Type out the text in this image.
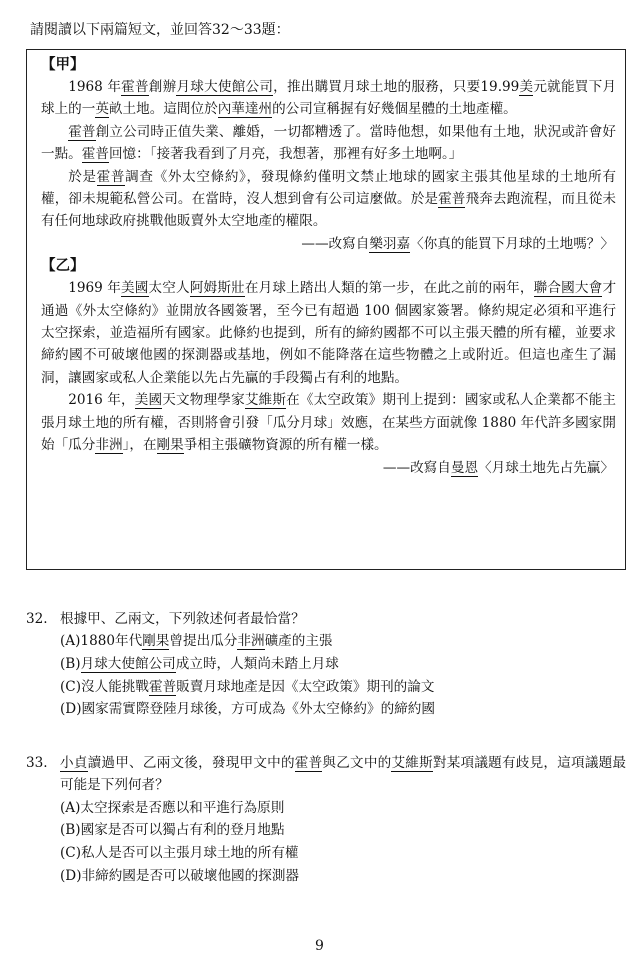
請閱讀以下兩篇短文，並回答32～33題：

【甲】

1968 年霍普創辦月球大使館公司，推出購買月球土地的服務，只要19.99美元就能買下月球上的一英畝土地。這間位於內華達州的公司宣稱握有好幾個星體的土地產權。

霍普創立公司時正值失業、離婚，一切都糟透了。當時他想，如果他有土地，狀況或許會好一點。霍普回憶：「接著我看到了月亮，我想著，那裡有好多土地啊。」

於是霍普調查《外太空條約》，發現條約僅明文禁止地球的國家主張其他星球的土地所有權，卻未規範私營公司。在當時，沒人想到會有公司這麼做。於是霍普飛奔去跑流程，而且從未有任何地球政府挑戰他販賣外太空地產的權限。

——改寫自樂羽嘉〈你真的能買下月球的土地嗎？〉

【乙】

1969 年美國太空人阿姆斯壯在月球上踏出人類的第一步，在此之前的兩年，聯合國大會才通過《外太空條約》並開放各國簽署，至今已有超過 100 個國家簽署。條約規定必須和平進行太空探索，並造福所有國家。此條約也提到，所有的締約國都不可以主張天體的所有權，並要求締約國不可破壞他國的探測器或基地，例如不能降落在這些物體之上或附近。但這也產生了漏洞，讓國家或私人企業能以先占先贏的手段獨占有利的地點。

2016 年，美國天文物理學家艾維斯在《太空政策》期刊上提到：國家或私人企業都不能主張月球土地的所有權，否則將會引發「瓜分月球」效應，在某些方面就像 1880 年代許多國家開始「瓜分非洲」，在剛果爭相主張礦物資源的所有權一樣。

——改寫自曼恩〈月球土地先占先贏〉

32. 根據甲、乙兩文，下列敘述何者最恰當？
(A)1880年代剛果曾提出瓜分非洲礦產的主張
(B)月球大使館公司成立時，人類尚未踏上月球
(C)沒人能挑戰霍普販賣月球地產是因《太空政策》期刊的論文
(D)國家需實際登陸月球後，方可成為《外太空條約》的締約國
33. 小貞讀過甲、乙兩文後，發現甲文中的霍普與乙文中的艾維斯對某項議題有歧見，這項議題最可能是下列何者？
(A)太空探索是否應以和平進行為原則
(B)國家是否可以獨占有利的登月地點
(C)私人是否可以主張月球土地的所有權
(D)非締約國是否可以破壞他國的探測器
9
